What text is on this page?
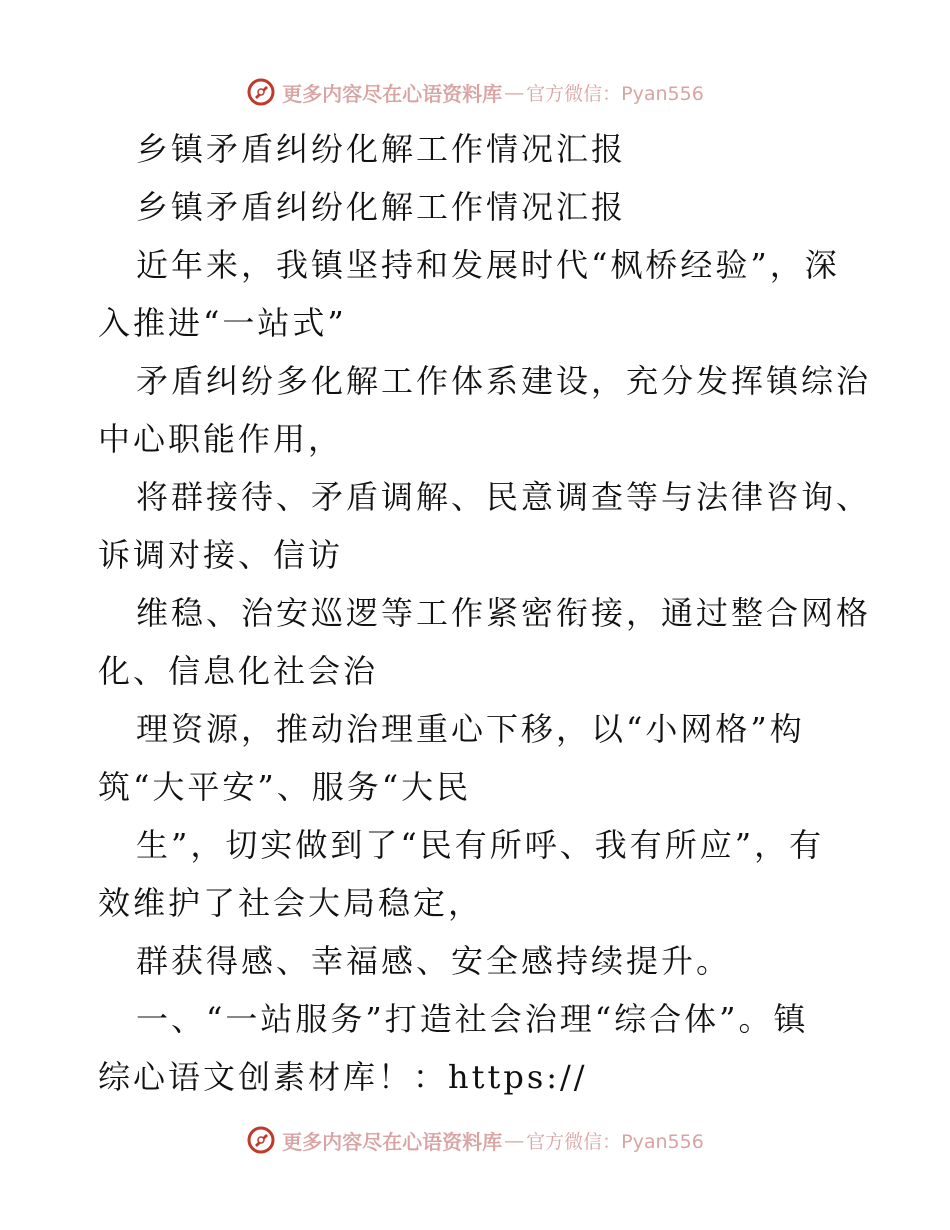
更多内容尽在心语资料库 — 官方微信：Pyan556

乡镇矛盾纠纷化解工作情况汇报

乡镇矛盾纠纷化解工作情况汇报

近年来，我镇坚持和发展时代“枫桥经验”，深

入推进“一站式”

矛盾纠纷多化解工作体系建设，充分发挥镇综治

中心职能作用，

将群接待、矛盾调解、民意调查等与法律咨询、

诉调对接、信访

维稳、治安巡逻等工作紧密衔接，通过整合网格

化、信息化社会治

理资源，推动治理重心下移，以“小网格”构

筑“大平安”、服务“大民

生”，切实做到了“民有所呼、我有所应”，有

效维护了社会大局稳定，

群获得感、幸福感、安全感持续提升。

一、“一站服务”打造社会治理“综合体”。镇

综心语文创素材库！：https://

更多内容尽在心语资料库 — 官方微信：Pyan556
